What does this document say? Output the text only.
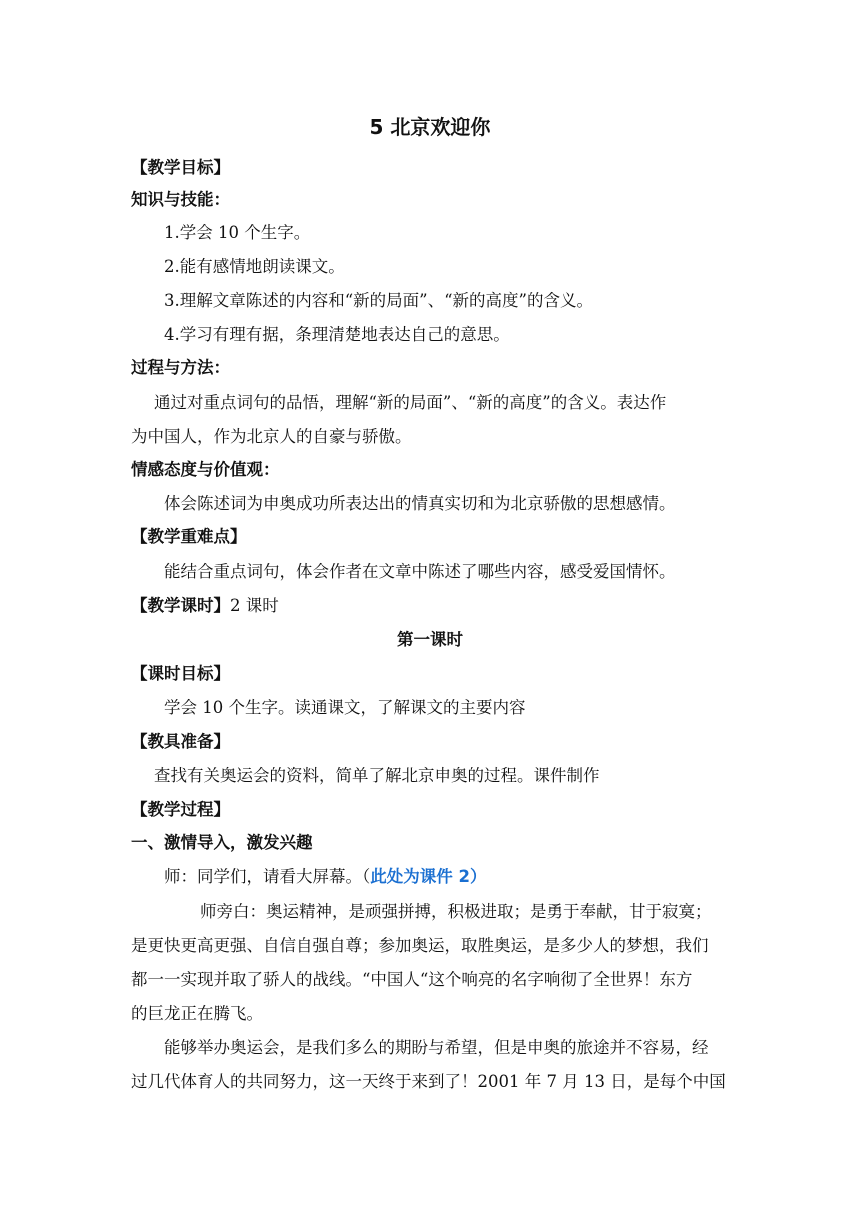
5 北京欢迎你
【教学目标】
知识与技能：
1.学会 10 个生字。
2.能有感情地朗读课文。
3.理解文章陈述的内容和“新的局面”、“新的高度”的含义。
4.学习有理有据，条理清楚地表达自己的意思。
过程与方法：
通过对重点词句的品悟，理解“新的局面”、“新的高度”的含义。表达作
为中国人，作为北京人的自豪与骄傲。
情感态度与价值观：
体会陈述词为申奥成功所表达出的情真实切和为北京骄傲的思想感情。
【教学重难点】
能结合重点词句，体会作者在文章中陈述了哪些内容，感受爱国情怀。
【教学课时】2 课时
第一课时
【课时目标】
学会 10 个生字。读通课文，了解课文的主要内容
【教具准备】
查找有关奥运会的资料，简单了解北京申奥的过程。课件制作
【教学过程】
一、激情导入，激发兴趣
师：同学们，请看大屏幕。（此处为课件 2）
师旁白：奥运精神，是顽强拼搏，积极进取；是勇于奉献，甘于寂寞；
是更快更高更强、自信自强自尊；参加奥运，取胜奥运，是多少人的梦想，我们
都一一实现并取了骄人的战线。“中国人“这个响亮的名字响彻了全世界！东方
的巨龙正在腾飞。
能够举办奥运会，是我们多么的期盼与希望，但是申奥的旅途并不容易，经
过几代体育人的共同努力，这一天终于来到了！2001 年 7 月 13 日，是每个中国
